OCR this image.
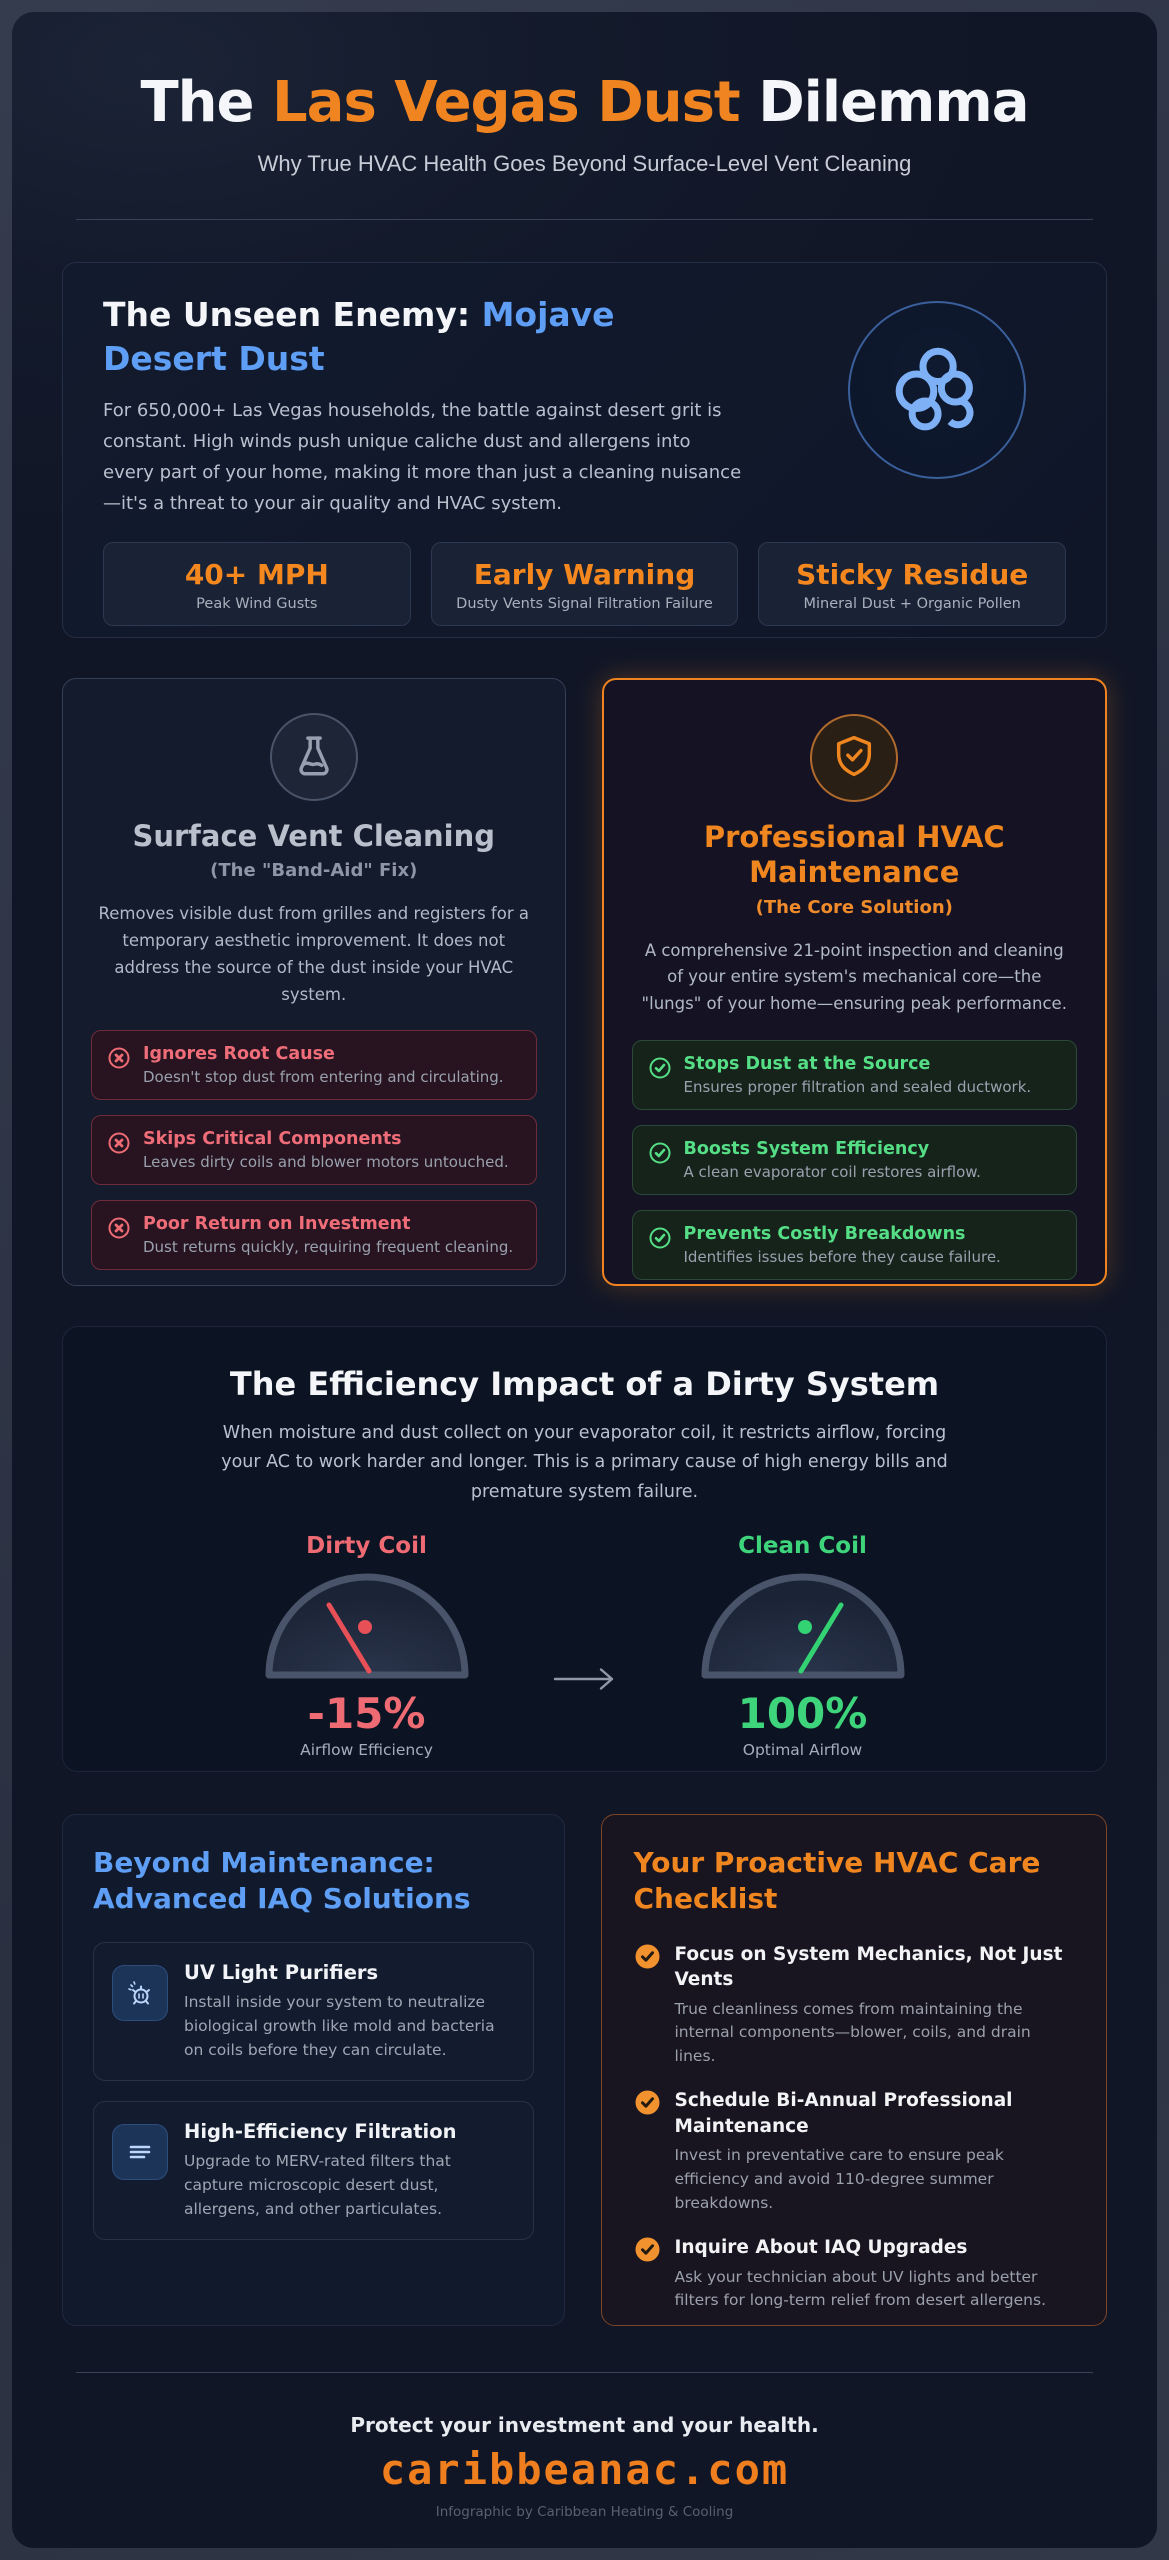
The Las Vegas Dust Dilemma
Why True HVAC Health Goes Beyond Surface-Level Vent Cleaning
The Unseen Enemy: Mojave Desert Dust
For 650,000+ Las Vegas households, the battle against desert grit is constant. High winds push unique caliche dust and allergens into every part of your home, making it more than just a cleaning nuisance—it's a threat to your air quality and HVAC system.
40+ MPH
Peak Wind Gusts
Early Warning
Dusty Vents Signal Filtration Failure
Sticky Residue
Mineral Dust + Organic Pollen
Surface Vent Cleaning
(The "Band-Aid" Fix)
Removes visible dust from grilles and registers for a temporary aesthetic improvement. It does not address the source of the dust inside your HVAC system.
Ignores Root Cause
Doesn't stop dust from entering and circulating.
Skips Critical Components
Leaves dirty coils and blower motors untouched.
Poor Return on Investment
Dust returns quickly, requiring frequent cleaning.
Professional HVAC Maintenance
(The Core Solution)
A comprehensive 21-point inspection and cleaning of your entire system's mechanical core—the "lungs" of your home—ensuring peak performance.
Stops Dust at the Source
Ensures proper filtration and sealed ductwork.
Boosts System Efficiency
A clean evaporator coil restores airflow.
Prevents Costly Breakdowns
Identifies issues before they cause failure.
The Efficiency Impact of a Dirty System
When moisture and dust collect on your evaporator coil, it restricts airflow, forcing your AC to work harder and longer. This is a primary cause of high energy bills and premature system failure.
Dirty Coil
-15%
Airflow Efficiency
Clean Coil
100%
Optimal Airflow
Beyond Maintenance: Advanced IAQ Solutions
UV Light Purifiers
Install inside your system to neutralize biological growth like mold and bacteria on coils before they can circulate.
High-Efficiency Filtration
Upgrade to MERV-rated filters that capture microscopic desert dust, allergens, and other particulates.
Your Proactive HVAC Care Checklist
Focus on System Mechanics, Not Just Vents
True cleanliness comes from maintaining the internal components—blower, coils, and drain lines.
Schedule Bi-Annual Professional Maintenance
Invest in preventative care to ensure peak efficiency and avoid 110-degree summer breakdowns.
Inquire About IAQ Upgrades
Ask your technician about UV lights and better filters for long-term relief from desert allergens.
Protect your investment and your health.
caribbeanac.com
Infographic by Caribbean Heating & Cooling
